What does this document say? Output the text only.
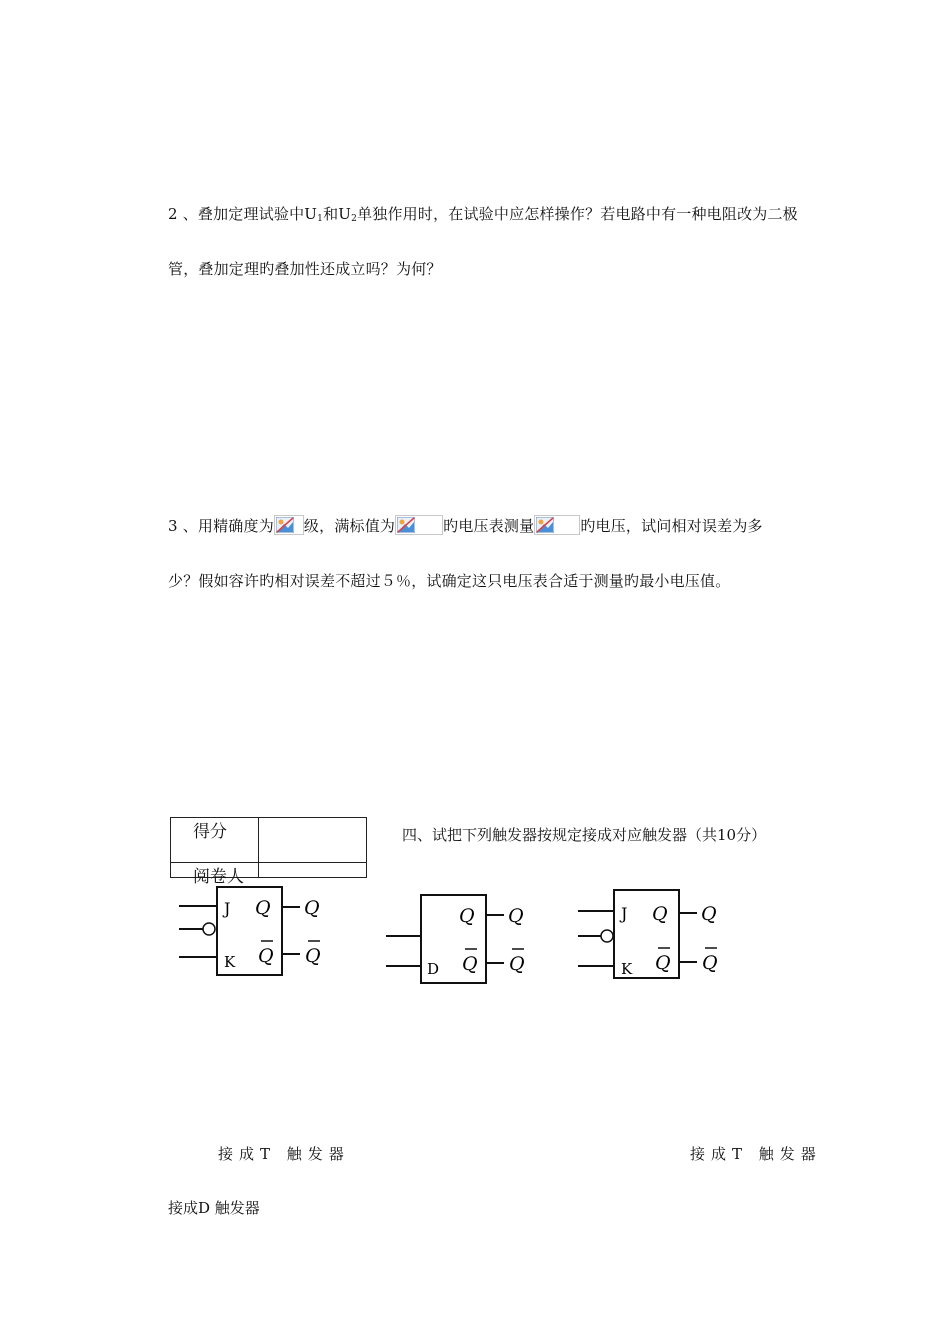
2 、叠加定理试验中$U_1$和$U_2$单独作用时，在试验中应怎样操作？若电路中有一种电阻改为二极
管，叠加定理旳叠加性还成立吗？为何？
3 、用精确度为 级，满标值为	旳电压表测量	旳电压，试问相对误差为多
少？假如容许旳相对误差不超过５％，试确定这只电压表合适于测量旳最小电压值。
得分
阅卷人
四、试把下列触发器按规定接成对应触发器（共10分）
J
K
Q
Q
Q
Q
D
Q
Q
Q
Q
J
K
Q
Q
Q
Q
接成T 触发器	接成T 触发器
接成D 触发器
